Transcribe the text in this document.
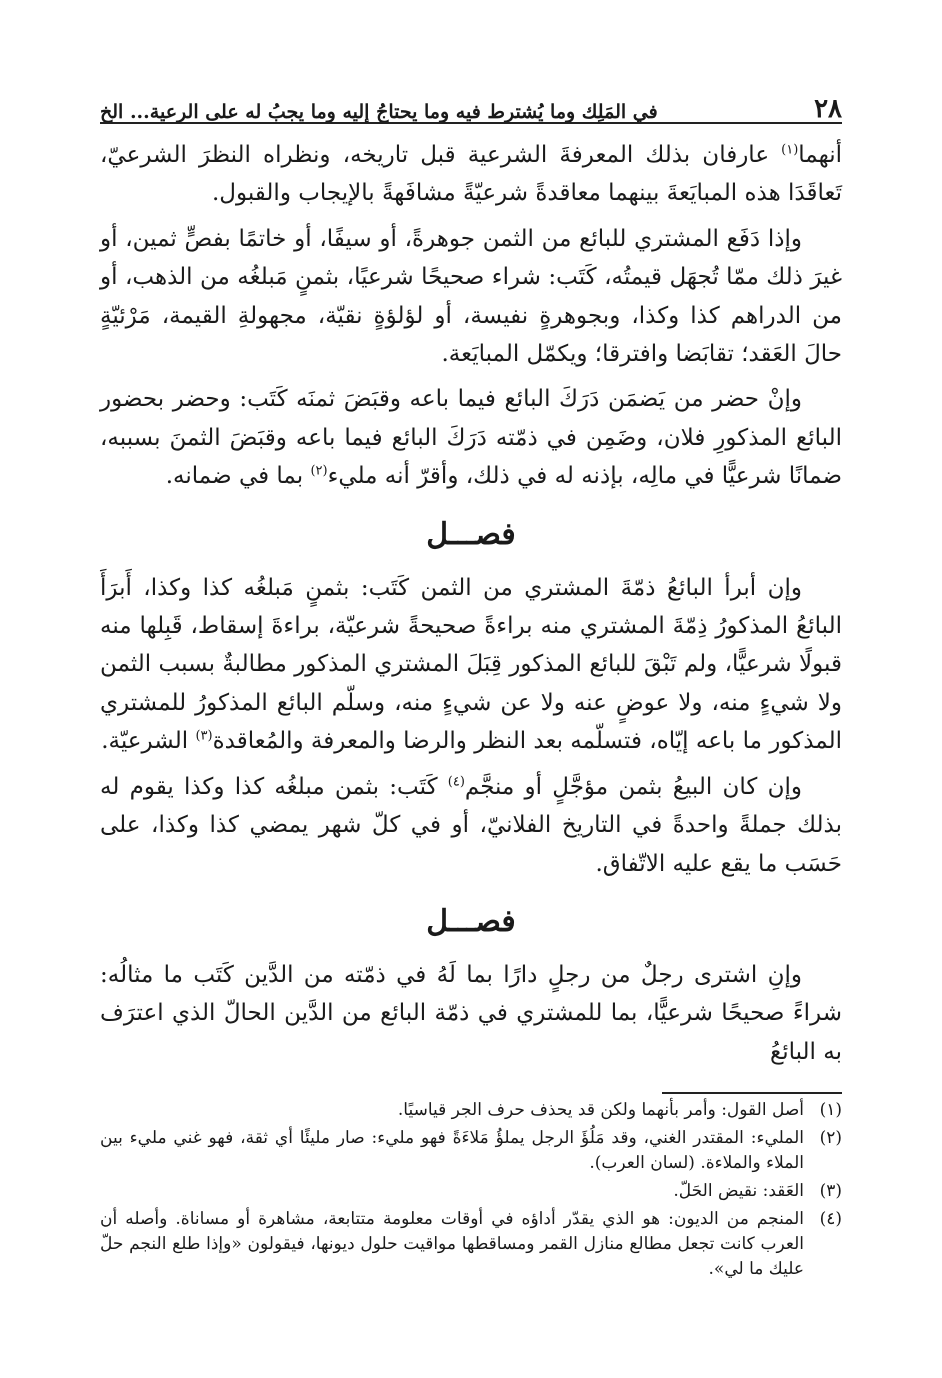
٢٨
في المَلِك وما يُشترط فيه وما يحتاجُ إليه وما يجبُ له على الرعية... الخ

أنهما$^{(١)}$ عارفان بذلك المعرفةَ الشرعية قبل تاريخه، ونظراه النظرَ الشرعيّ، تَعاقَدَا هذه المبايَعةَ بينهما معاقدةً شرعيّةً مشافَهةً بالإيجاب والقبول.

وإذا دَفَع المشتري للبائع من الثمن جوهرةً، أو سيفًا، أو خاتمًا بفصٍّ ثمين، أو غيرَ ذلك ممّا تُجهَل قيمتُه، كَتَب: شراء صحيحًا شرعيًا، بثمنٍ مَبلغُه من الذهب، أو من الدراهم كذا وكذا، وبجوهرةٍ نفيسة، أو لؤلؤةٍ نقيّة، مجهولةِ القيمة، مَرْئيّةٍ حالَ العَقد؛ تقابَضا وافترقا؛ ويكمّل المبايَعة.

وإنْ حضر من يَضمَن دَرَكَ البائع فيما باعه وقبَضَ ثمنَه كَتَب: وحضر بحضور البائع المذكورِ فلان، وضَمِن في ذمّته دَرَكَ البائع فيما باعه وقبَضَ الثمنَ بسببه، ضمانًا شرعيًّا في مالِه، بإذنه له في ذلك، وأقرّ أنه مليء$^{(٢)}$ بما في ضمانه.

فصـــل

وإن أبرأ البائعُ ذمّةَ المشتري من الثمن كَتَب: بثمنٍ مَبلغُه كذا وكذا، أَبرَأَ البائعُ المذكورُ ذِمّةَ المشتري منه براءةً صحيحةً شرعيّة، براءةَ إسقاط، قَبِلها منه قبولًا شرعيًّا، ولم تَبْقَ للبائع المذكور قِبَلَ المشتري المذكور مطالبةٌ بسبب الثمن ولا شيءٍ منه، ولا عوضٍ عنه ولا عن شيءٍ منه، وسلّم البائع المذكورُ للمشتري المذكور ما باعه إيّاه، فتسلّمه بعد النظر والرضا والمعرفة والمُعاقدة$^{(٣)}$ الشرعيّة.

وإن كان البيعُ بثمن مؤجَّلٍ أو منجَّم$^{(٤)}$ كَتَب: بثمن مبلغُه كذا وكذا يقوم له بذلك جملةً واحدةً في التاريخ الفلانيّ، أو في كلّ شهر يمضي كذا وكذا، على حَسَب ما يقع عليه الاتّفاق.

فصـــل

وإنِ اشترى رجلٌ من رجلٍ دارًا بما لَهُ في ذمّته من الدَّين كَتَب ما مثالُه: شراءً صحيحًا شرعيًّا، بما للمشتري في ذمّة البائع من الدَّين الحالّ الذي اعترَف به البائعُ

(١)
أصل القول: وأمر بأنهما ولكن قد يحذف حرف الجر قياسيًا.
(٢)
المليء: المقتدر الغني، وقد مَلُؤَ الرجل يملؤُ مَلاءَةً فهو مليء: صار مليئًا أي ثقة، فهو غني مليء بين الملاء والملاءة. (لسان العرب).
(٣)
العَقد: نقيض الحَلّ.
(٤)
المنجم من الديون: هو الذي يقدّر أداؤه في أوقات معلومة متتابعة، مشاهرة أو مساناة. وأصله أن العرب كانت تجعل مطالع منازل القمر ومساقطها مواقيت حلول ديونها، فيقولون «وإذا طلع النجم حلّ عليك ما لي».
